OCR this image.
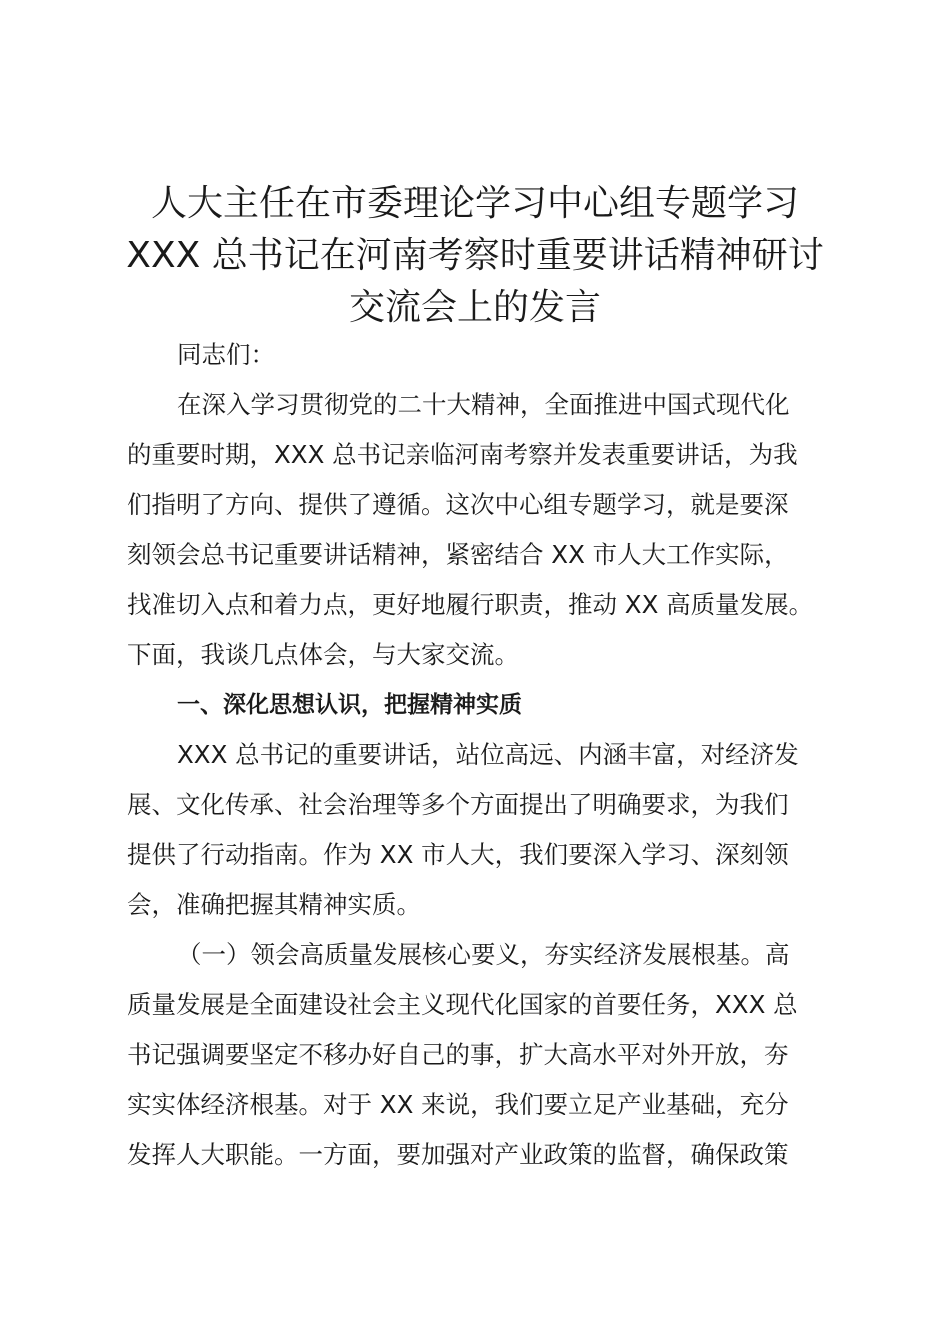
人大主任在市委理论学习中心组专题学习
XXX 总书记在河南考察时重要讲话精神研讨
交流会上的发言
同志们：
在深入学习贯彻党的二十大精神，全面推进中国式现代化
的重要时期，XXX 总书记亲临河南考察并发表重要讲话，为我
们指明了方向、提供了遵循。这次中心组专题学习，就是要深
刻领会总书记重要讲话精神，紧密结合 XX 市人大工作实际，
找准切入点和着力点，更好地履行职责，推动 XX 高质量发展。
下面，我谈几点体会，与大家交流。
一、深化思想认识，把握精神实质
XXX 总书记的重要讲话，站位高远、内涵丰富，对经济发
展、文化传承、社会治理等多个方面提出了明确要求，为我们
提供了行动指南。作为 XX 市人大，我们要深入学习、深刻领
会，准确把握其精神实质。
（一）领会高质量发展核心要义，夯实经济发展根基。高
质量发展是全面建设社会主义现代化国家的首要任务，XXX 总
书记强调要坚定不移办好自己的事，扩大高水平对外开放，夯
实实体经济根基。对于 XX 来说，我们要立足产业基础，充分
发挥人大职能。一方面，要加强对产业政策的监督，确保政策
